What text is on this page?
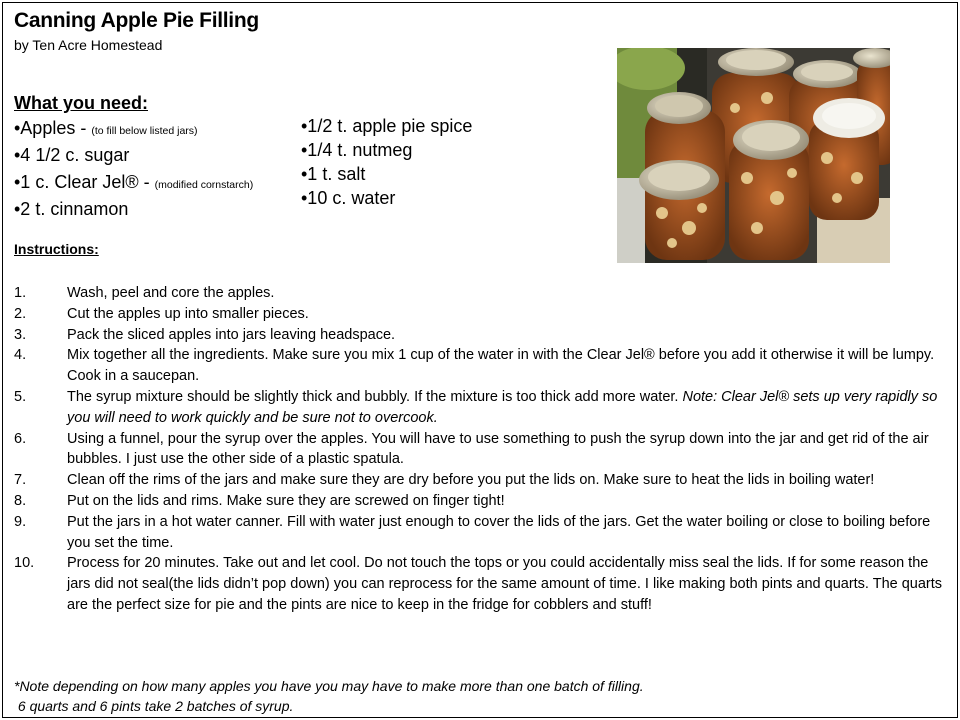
Canning Apple Pie Filling
by Ten Acre Homestead
What you need:
•Apples - (to fill below listed jars)
•4 1/2 c. sugar
•1 c. Clear Jel® - (modified cornstarch)
•2 t. cinnamon
•1/2 t. apple pie spice
•1/4 t. nutmeg
•1 t. salt
•10 c. water
Instructions:
1.	Wash, peel and core the apples.
2.	Cut the apples up into smaller pieces.
3.	Pack the sliced apples into jars leaving headspace.
4.	Mix together all the ingredients. Make sure you mix 1 cup of the water in with the Clear Jel® before you add it otherwise it will be lumpy. Cook in a saucepan.
5.	The syrup mixture should be slightly thick and bubbly. If the mixture is too thick add more water. Note: Clear Jel® sets up very rapidly so you will need to work quickly and be sure not to overcook.
6.	Using a funnel, pour the syrup over the apples. You will have to use something to push the syrup down into the jar and get rid of the air bubbles. I just use the other side of a plastic spatula.
7.	Clean off the rims of the jars and make sure they are dry before you put the lids on. Make sure to heat the lids in boiling water!
8.	Put on the lids and rims. Make sure they are screwed on finger tight!
9.	Put the jars in a hot water canner. Fill with water just enough to cover the lids of the jars. Get the water boiling or close to boiling before you set the time.
10. Process for 20 minutes. Take out and let cool. Do not touch the tops or you could accidentally miss seal the lids. If for some reason the jars did not seal(the lids didn’t pop down) you can reprocess for the same amount of time. I like making both pints and quarts. The quarts are the perfect size for pie and the pints are nice to keep in the fridge for cobblers and stuff!
*Note depending on how many apples you have you may have to make more than one batch of filling.
6 quarts and 6 pints take 2 batches of syrup.
